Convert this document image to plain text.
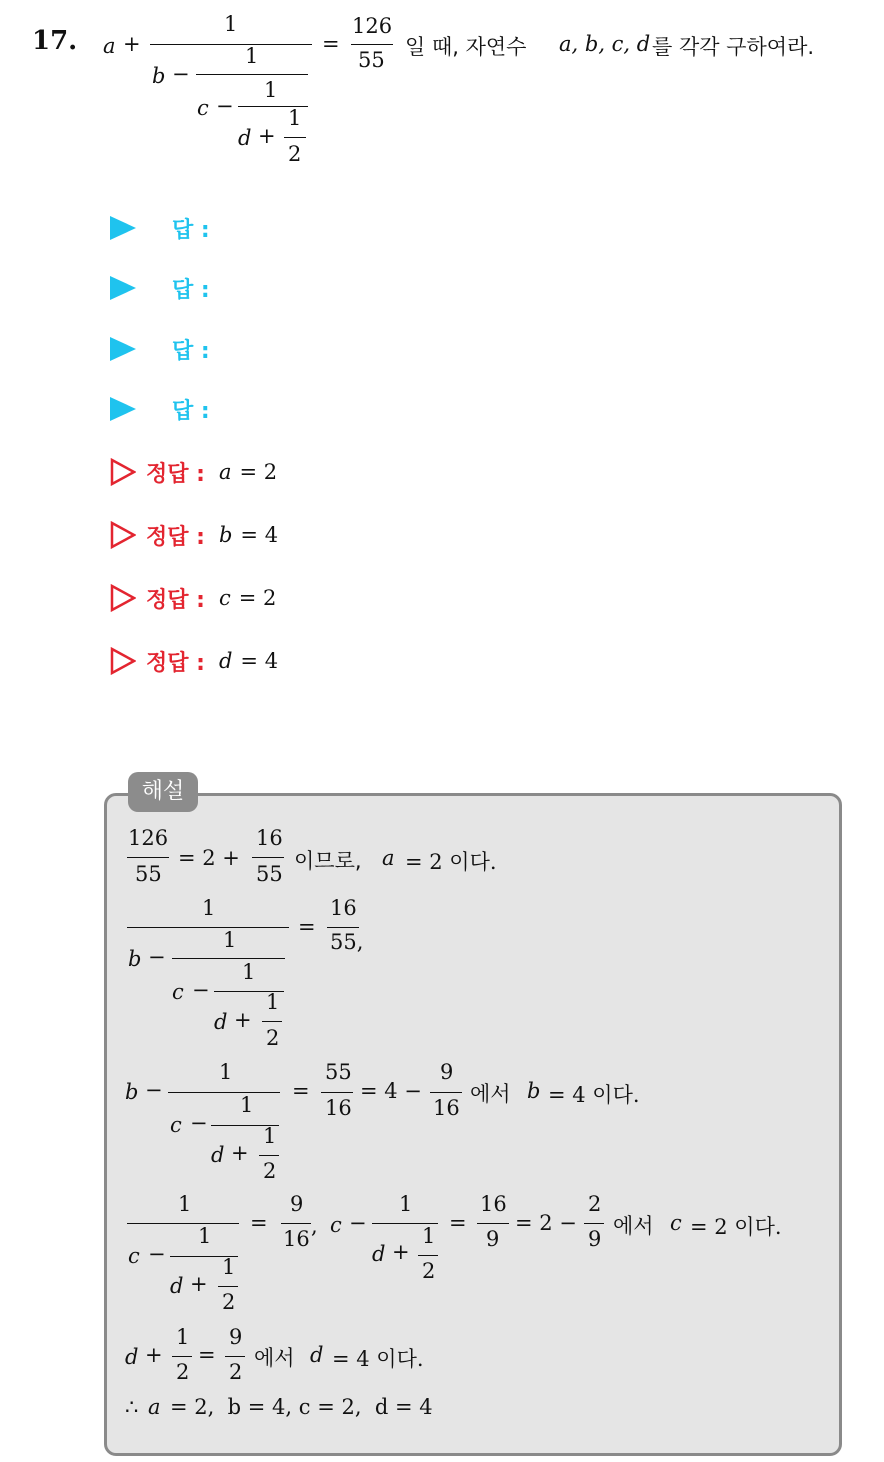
17. a +
1
b −
1
c −
1
d +
1
2
=
126
55
일 때, 자연수 a, b, c, d 를 각각 구하여라.
답 :
답 :
답 :
답 :
정답 : a = 2
정답 : b = 4
정답 : c = 2
정답 : d = 4
해설
126
55
= 2 +
16
55
이므로, a = 2 이다.
1
b −
1
c −
1
d +
1
2
=
16
55,
b −
1
c −
1
d +
1
2
=
55
16
= 4 −
9
16
에서 b = 4 이다.
1
c −
1
d +
1
2
=
9
16
, c −
1
d +
1
2
=
16
9
= 2 −
2
9
에서 c = 2 이다.
d +
1
2
=
9
2
에서 d = 4 이다.
∴ a = 2,  b = 4, c = 2,  d = 4
